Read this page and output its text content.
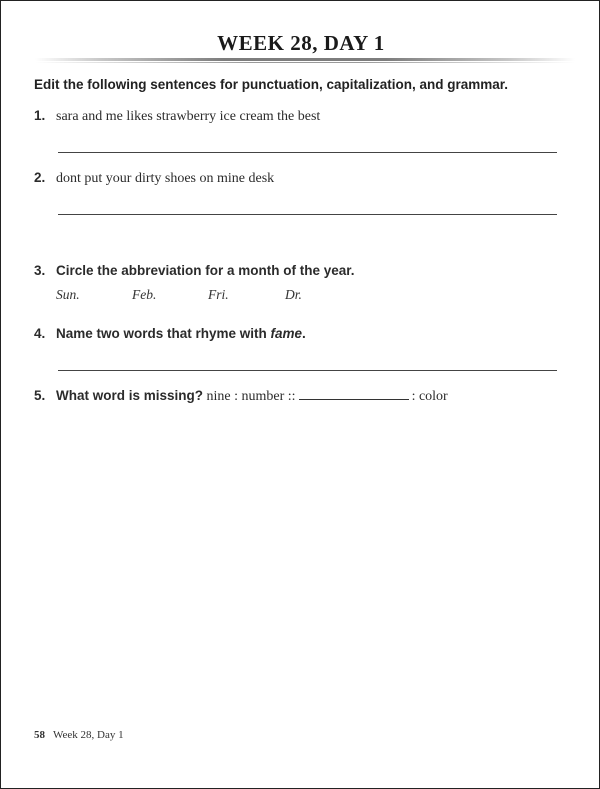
WEEK 28, DAY 1
Edit the following sentences for punctuation, capitalization, and grammar.
1. sara and me likes strawberry ice cream the best
2. dont put your dirty shoes on mine desk
3. Circle the abbreviation for a month of the year.
Sun.	Feb.	Fri.	Dr.
4. Name two words that rhyme with fame.
5. What word is missing? nine : number ::	: color
58 Week 28, Day 1
